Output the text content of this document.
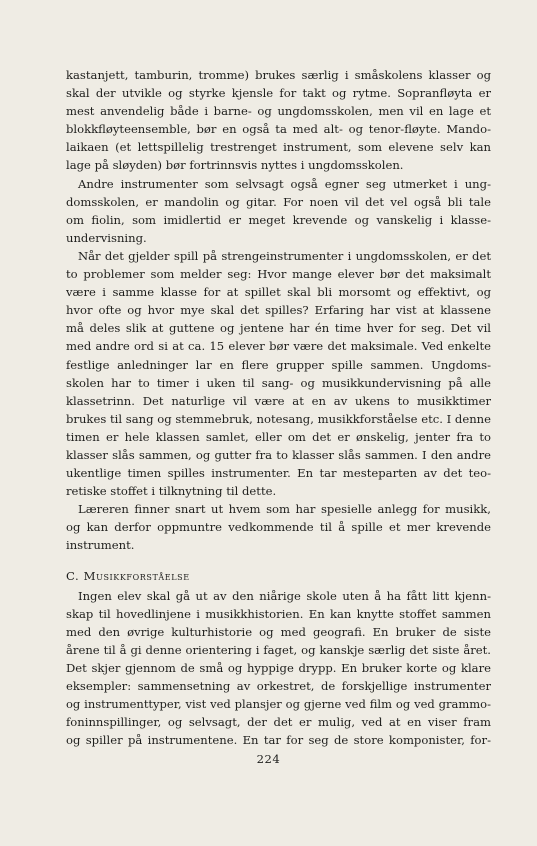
kastanjett, tamburin, tromme) brukes særlig i småskolens klasser og
skal der utvikle og styrke kjensle for takt og rytme. Sopranfløyta er
mest anvendelig både i barne- og ungdomsskolen, men vil en lage et
blokkfløyteensemble, bør en også ta med alt- og tenor-fløyte. Mando-
laikaen (et lettspillelig trestrenget instrument, som elevene selv kan
lage på sløyden) bør fortrinnsvis nyttes i ungdomsskolen.
Andre instrumenter som selvsagt også egner seg utmerket i ung-
domsskolen, er mandolin og gitar. For noen vil det vel også bli tale
om fiolin, som imidlertid er meget krevende og vanskelig i klasse-
undervisning.
Når det gjelder spill på strengeinstrumenter i ungdomsskolen, er det
to problemer som melder seg: Hvor mange elever bør det maksimalt
være i samme klasse for at spillet skal bli morsomt og effektivt, og
hvor ofte og hvor mye skal det spilles? Erfaring har vist at klassene
må deles slik at guttene og jentene har én time hver for seg. Det vil
med andre ord si at ca. 15 elever bør være det maksimale. Ved enkelte
festlige anledninger lar en flere grupper spille sammen. Ungdoms-
skolen har to timer i uken til sang- og musikkundervisning på alle
klassetrinn. Det naturlige vil være at en av ukens to musikktimer
brukes til sang og stemmebruk, notesang, musikkforståelse etc. I denne
timen er hele klassen samlet, eller om det er ønskelig, jenter fra to
klasser slås sammen, og gutter fra to klasser slås sammen. I den andre
ukentlige timen spilles instrumenter. En tar mesteparten av det teo-
retiske stoffet i tilknytning til dette.
Læreren finner snart ut hvem som har spesielle anlegg for musikk,
og kan derfor oppmuntre vedkommende til å spille et mer krevende
instrument.
C. Musikkforståelse
Ingen elev skal gå ut av den niårige skole uten å ha fått litt kjenn-
skap til hovedlinjene i musikkhistorien. En kan knytte stoffet sammen
med den øvrige kulturhistorie og med geografi. En bruker de siste
årene til å gi denne orientering i faget, og kanskje særlig det siste året.
Det skjer gjennom de små og hyppige drypp. En bruker korte og klare
eksempler: sammensetning av orkestret, de forskjellige instrumenter
og instrumenttyper, vist ved plansjer og gjerne ved film og ved grammo-
foninnspillinger, og selvsagt, der det er mulig, ved at en viser fram
og spiller på instrumentene. En tar for seg de store komponister, for-
224
